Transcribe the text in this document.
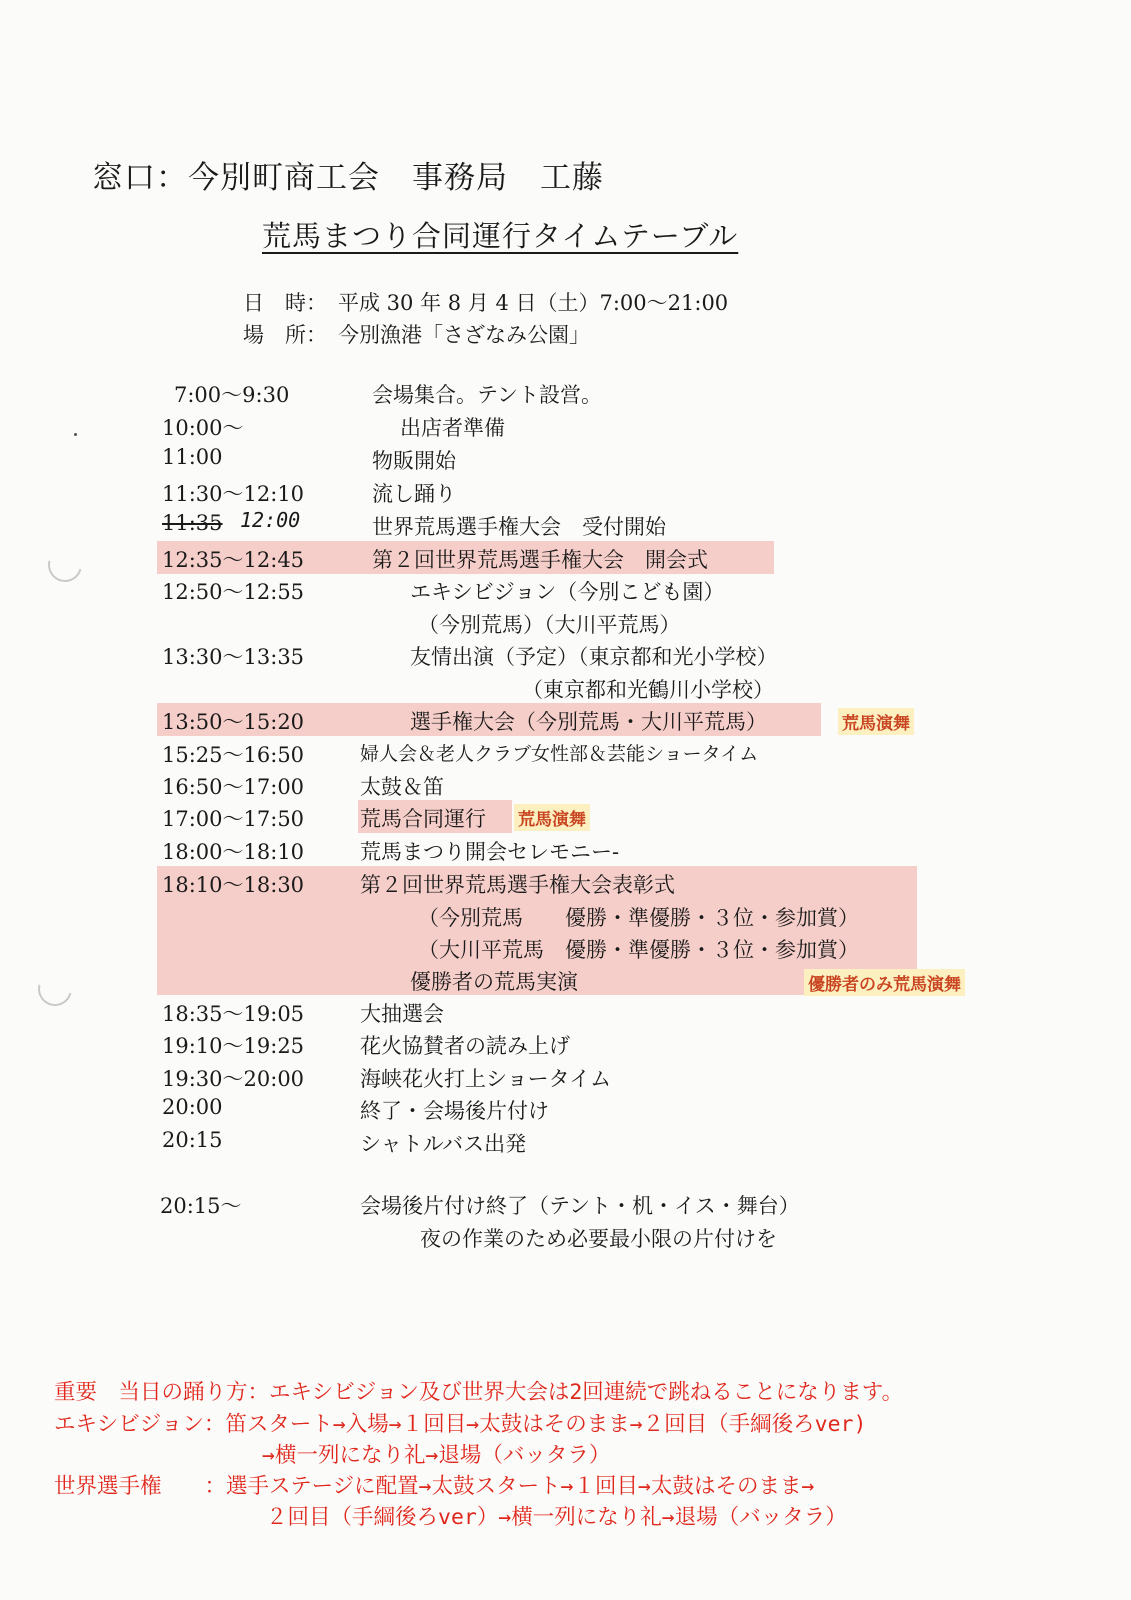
窓口：今別町商工会　事務局　工藤
荒馬まつり合同運行タイムテーブル
日　時： 平成 30 年 8 月 4 日（土）7:00〜21:00
場　所： 今別漁港「さざなみ公園」
7:00〜9:30	会場集合。テント設営。
10:00〜	出店者準備
11:00	物販開始
11:30〜12:10	流し踊り
11:35 12:00	世界荒馬選手権大会　受付開始
12:35〜12:45	第２回世界荒馬選手権大会　開会式
12:50〜12:55	エキシビジョン（今別こども園）
（今別荒馬）（大川平荒馬）
13:30〜13:35	友情出演（予定）（東京都和光小学校）
（東京都和光鶴川小学校）
13:50〜15:20	選手権大会（今別荒馬・大川平荒馬）	荒馬演舞
15:25〜16:50	婦人会＆老人クラブ女性部＆芸能ショータイム
16:50〜17:00	太鼓＆笛
17:00〜17:50	荒馬合同運行 荒馬演舞
18:00〜18:10	荒馬まつり開会セレモニー-
18:10〜18:30	第２回世界荒馬選手権大会表彰式
（今別荒馬　　優勝・準優勝・３位・参加賞）
（大川平荒馬　優勝・準優勝・３位・参加賞）
優勝者の荒馬実演	優勝者のみ荒馬演舞
18:35〜19:05	大抽選会
19:10〜19:25	花火協賛者の読み上げ
19:30〜20:00	海峡花火打上ショータイム
20:00	終了・会場後片付け
20:15	シャトルバス出発
20:15〜	会場後片付け終了（テント・机・イス・舞台）
夜の作業のため必要最小限の片付けを
重要　当日の踊り方：エキシビジョン及び世界大会は2回連続で跳ねることになります。
エキシビジョン：笛スタート→入場→１回目→太鼓はそのまま→２回目（手綱後ろver)
→横一列になり礼→退場（バッタラ）
世界選手権　　：選手ステージに配置→太鼓スタート→１回目→太鼓はそのまま→
２回目（手綱後ろver）→横一列になり礼→退場（バッタラ）
